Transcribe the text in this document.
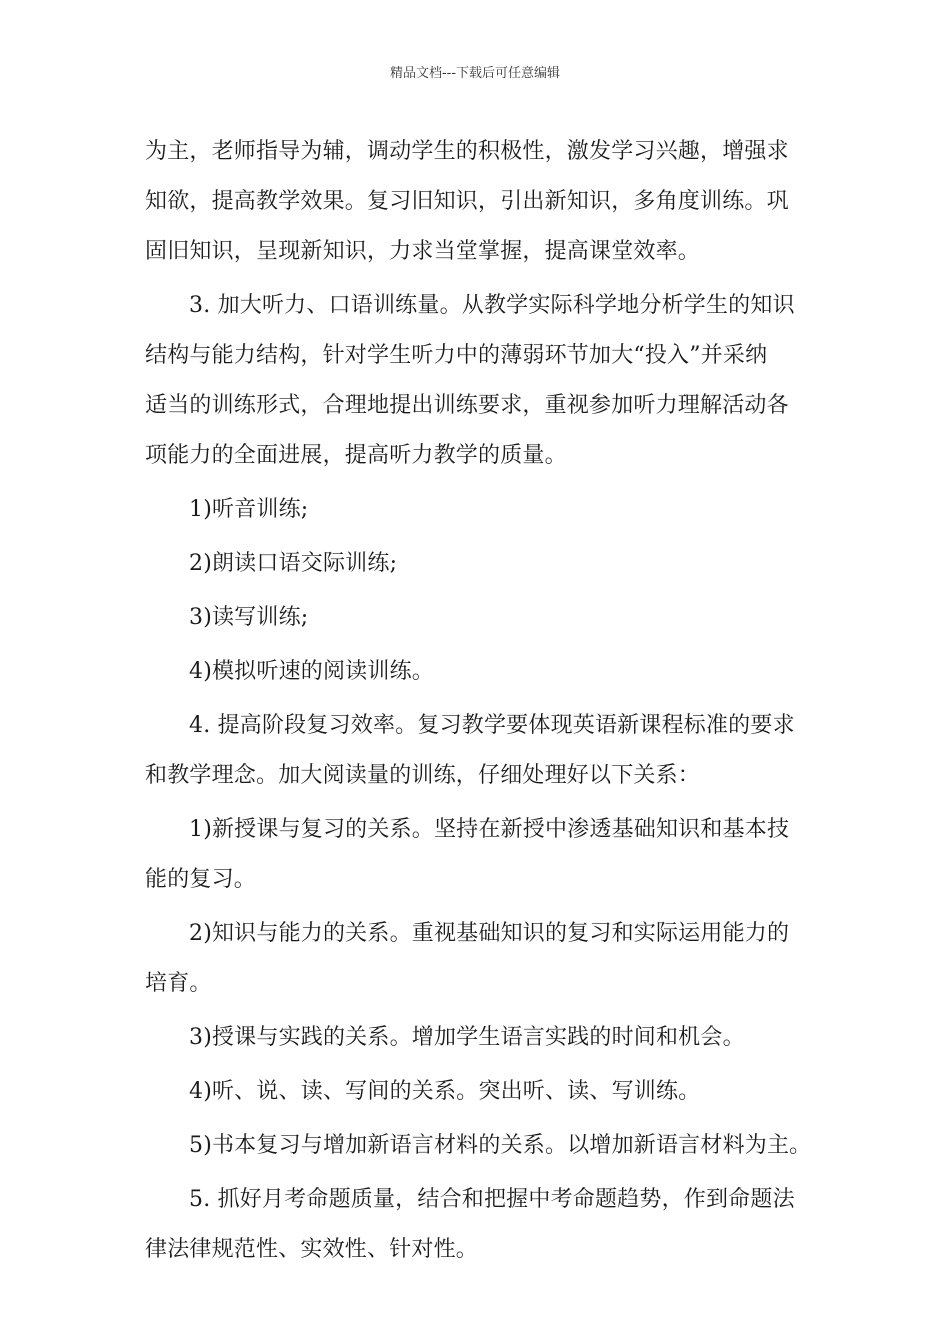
精品文档---下载后可任意编辑
为主，老师指导为辅，调动学生的积极性，激发学习兴趣，增强求
知欲，提高教学效果。复习旧知识，引出新知识，多角度训练。巩
固旧知识，呈现新知识，力求当堂掌握，提高课堂效率。
3. 加大听力、口语训练量。从教学实际科学地分析学生的知识
结构与能力结构，针对学生听力中的薄弱环节加大“投入”并采纳
适当的训练形式，合理地提出训练要求，重视参加听力理解活动各
项能力的全面进展，提高听力教学的质量。
1)听音训练;
2)朗读口语交际训练;
3)读写训练;
4)模拟听速的阅读训练。
4. 提高阶段复习效率。复习教学要体现英语新课程标准的要求
和教学理念。加大阅读量的训练，仔细处理好以下关系：
1)新授课与复习的关系。坚持在新授中渗透基础知识和基本技
能的复习。
2)知识与能力的关系。重视基础知识的复习和实际运用能力的
培育。
3)授课与实践的关系。增加学生语言实践的时间和机会。
4)听、说、读、写间的关系。突出听、读、写训练。
5)书本复习与增加新语言材料的关系。以增加新语言材料为主。
5. 抓好月考命题质量，结合和把握中考命题趋势，作到命题法
律法律规范性、实效性、针对性。
